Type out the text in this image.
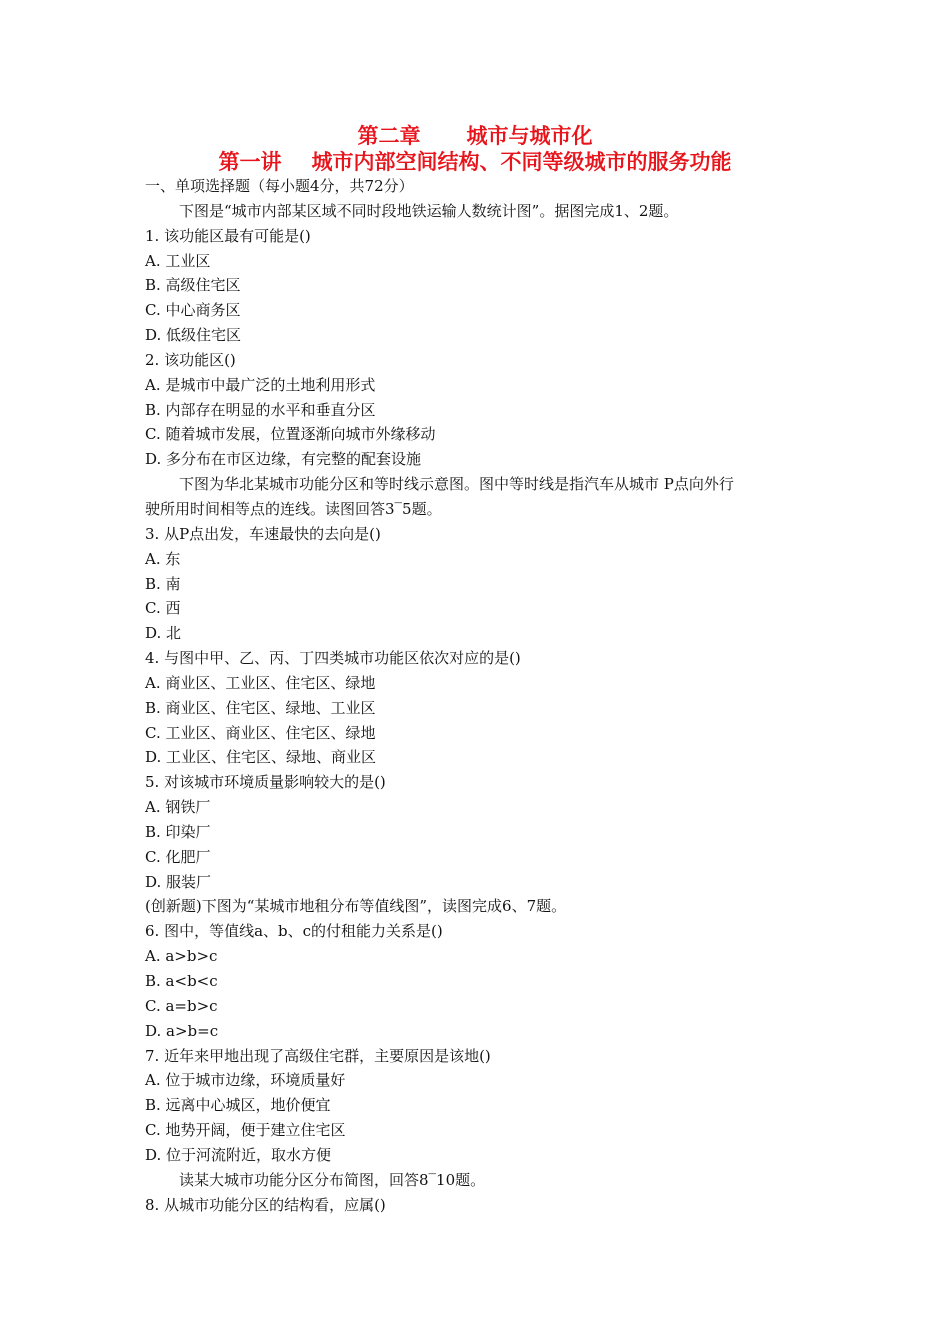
第二章 城市与城市化
第一讲 城市内部空间结构、不同等级城市的服务功能
一、单项选择题（每小题4分，共72分）
下图是“城市内部某区域不同时段地铁运输人数统计图”。据图完成1、2题。
1. 该功能区最有可能是()
A. 工业区
B. 高级住宅区
C. 中心商务区
D. 低级住宅区
2. 该功能区()
A. 是城市中最广泛的土地利用形式
B. 内部存在明显的水平和垂直分区
C. 随着城市发展，位置逐渐向城市外缘移动
D. 多分布在市区边缘，有完整的配套设施
下图为华北某城市功能分区和等时线示意图。图中等时线是指汽车从城市 P点向外行
驶所用时间相等点的连线。读图回答3‾5题。
3. 从P点出发，车速最快的去向是()
A. 东
B. 南
C. 西
D. 北
4. 与图中甲、乙、丙、丁四类城市功能区依次对应的是()
A. 商业区、工业区、住宅区、绿地
B. 商业区、住宅区、绿地、工业区
C. 工业区、商业区、住宅区、绿地
D. 工业区、住宅区、绿地、商业区
5. 对该城市环境质量影响较大的是()
A. 钢铁厂
B. 印染厂
C. 化肥厂
D. 服装厂
(创新题)下图为“某城市地租分布等值线图”，读图完成6、7题。
6. 图中，等值线a、b、c的付租能力关系是()
A. a>b>c
B. a<b<c
C. a=b>c
D. a>b=c
7. 近年来甲地出现了高级住宅群，主要原因是该地()
A. 位于城市边缘，环境质量好
B. 远离中心城区，地价便宜
C. 地势开阔，便于建立住宅区
D. 位于河流附近，取水方便
读某大城市功能分区分布简图，回答8‾10题。
8. 从城市功能分区的结构看，应属()
